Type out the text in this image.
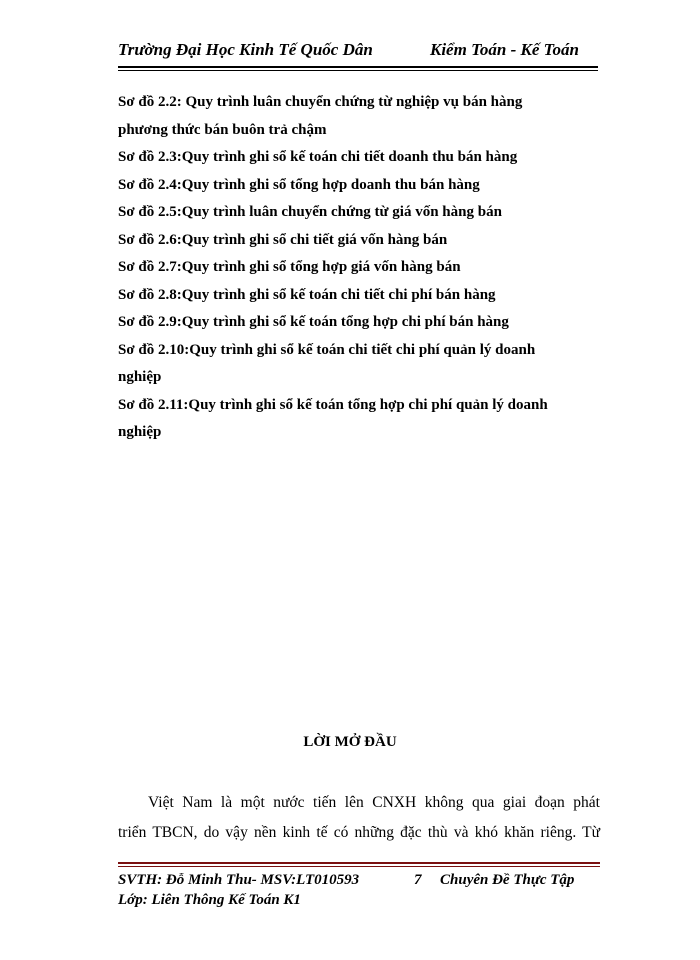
Trường Đại Học Kinh Tế Quốc Dân	Kiểm Toán - Kế Toán

Sơ đồ 2.2: Quy trình luân chuyển chứng từ nghiệp vụ bán hàng

phương thức bán buôn trả chậm

Sơ đồ 2.3:Quy trình ghi sổ kế toán chi tiết doanh thu bán hàng

Sơ đồ 2.4:Quy trình ghi sổ tổng hợp doanh thu bán hàng

Sơ đồ 2.5:Quy trình luân chuyển chứng từ giá vốn hàng bán

Sơ đồ 2.6:Quy trình ghi sổ chi tiết giá vốn hàng bán

Sơ đồ 2.7:Quy trình ghi sổ tổng hợp giá vốn hàng bán

Sơ đồ 2.8:Quy trình ghi sổ kế toán chi tiết chi phí bán hàng

Sơ đồ 2.9:Quy trình ghi sổ kế toán tổng hợp chi phí bán hàng

Sơ đồ 2.10:Quy trình ghi sổ kế toán chi tiết chi phí quản lý doanh

nghiệp

Sơ đồ 2.11:Quy trình ghi sổ kế toán tổng hợp chi phí quản lý doanh

nghiệp

LỜI MỞ ĐẦU

Việt Nam là một nước tiến lên CNXH không qua giai đoạn phát

triển TBCN, do vậy nền kinh tế có những đặc thù và khó khăn riêng. Từ
SVTH: Đỗ Minh Thu- MSV:LT010593	7 Chuyên Đề Thực Tập
Lớp: Liên Thông Kế Toán K1
